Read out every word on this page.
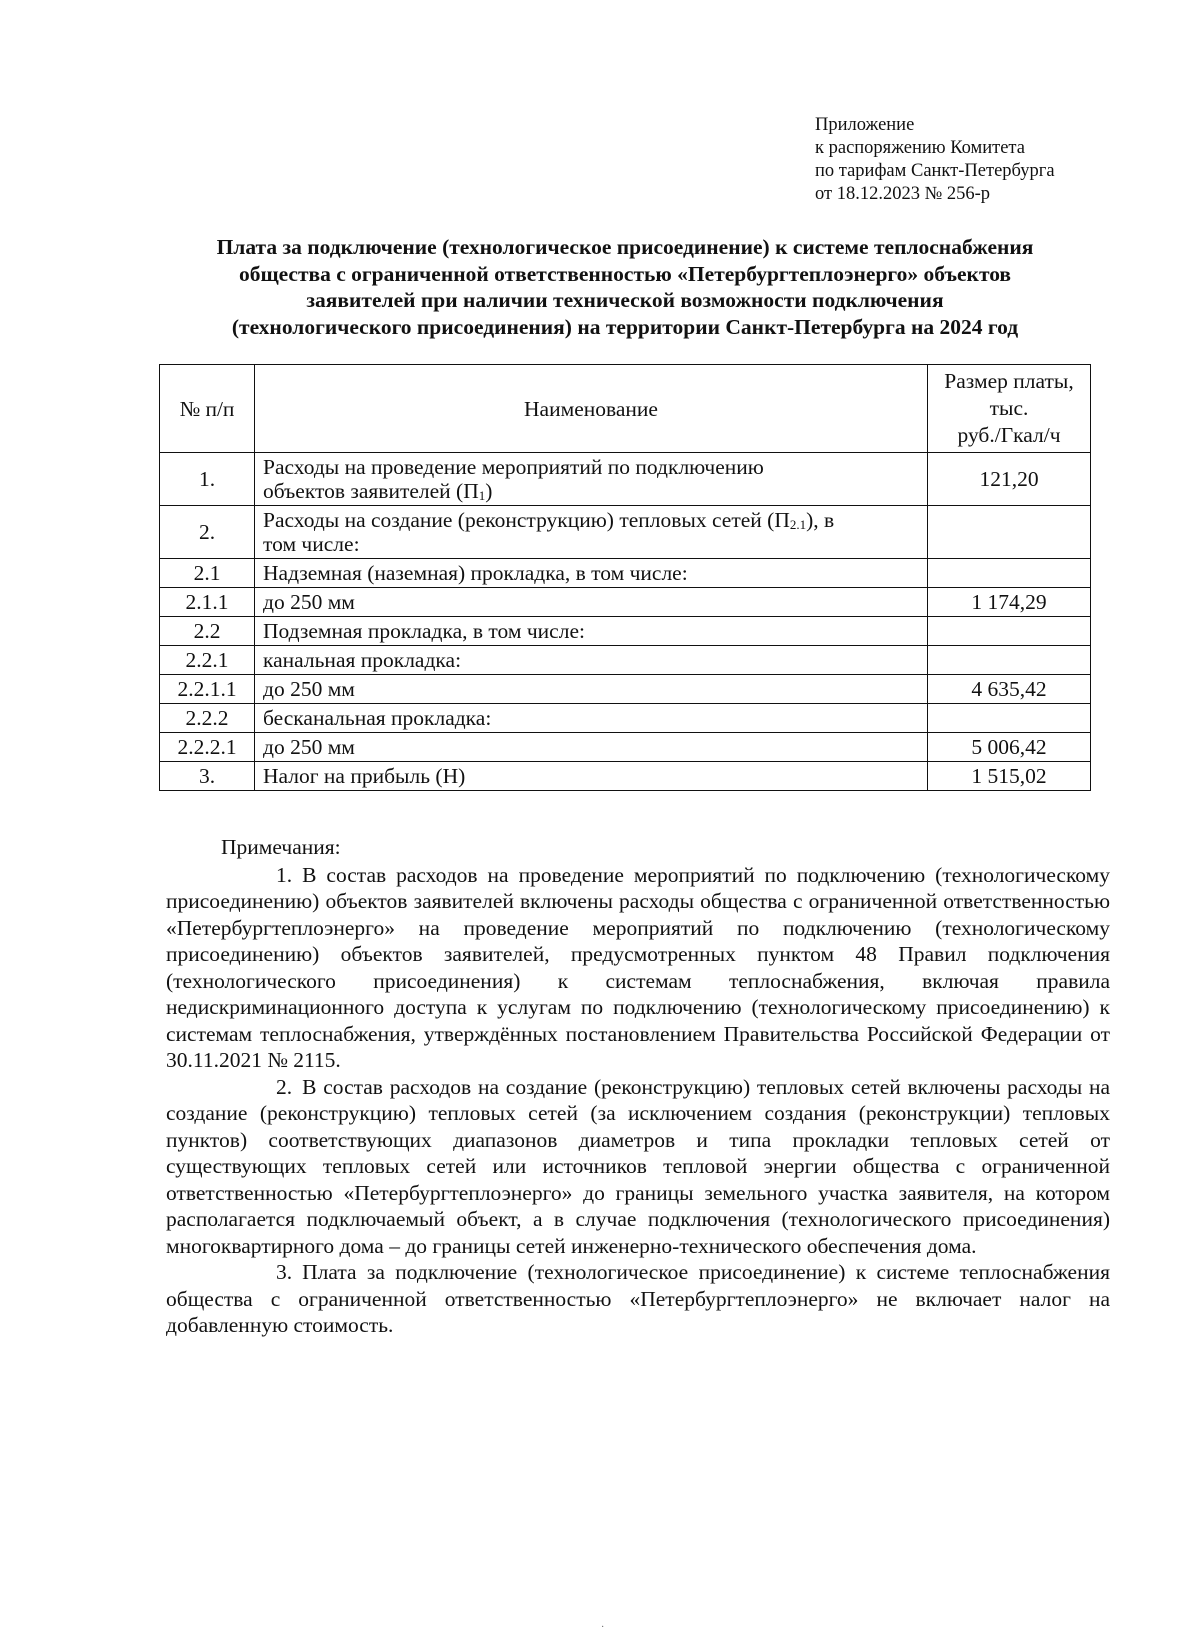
Приложение
к распоряжению Комитета
по тарифам Санкт-Петербурга
от 18.12.2023 № 256-р
Плата за подключение (технологическое присоединение) к системе теплоснабжения
общества с ограниченной ответственностью «Петербургтеплоэнерго» объектов
заявителей при наличии технической возможности подключения
(технологического присоединения) на территории Санкт-Петербурга на 2024 год
№ п/п	Наименование	Размер платы,
тыс.
руб./Гкал/ч

1.	Расходы на проведение мероприятий по подключению
объектов заявителей $(П_1)$	121,20
2.	Расходы на создание (реконструкцию) тепловых сетей $(П_{2.1})$, в
том числе:	

2.1	Надземная (наземная) прокладка, в том числе:	
2.1.1	до 250 мм	1 174,29
2.2	Подземная прокладка, в том числе:	
2.2.1	канальная прокладка:	
2.2.1.1	до 250 мм	4 635,42
2.2.2	бесканальная прокладка:	
2.2.2.1	до 250 мм	5 006,42
3.	Налог на прибыль (Н)	1 515,02
Примечания:

1. В состав расходов на проведение мероприятий по подключению (технологическому присоединению) объектов заявителей включены расходы общества с ограниченной ответственностью «Петербургтеплоэнерго» на проведение мероприятий по подключению (технологическому присоединению) объектов заявителей, предусмотренных пунктом 48 Правил подключения (технологического присоединения) к системам теплоснабжения, включая правила недискриминационного доступа к услугам по подключению (технологическому присоединению) к системам теплоснабжения, утверждённых постановлением Правительства Российской Федерации от 30.11.2021 № 2115.

2. В состав расходов на создание (реконструкцию) тепловых сетей включены расходы на создание (реконструкцию) тепловых сетей (за исключением создания (реконструкции) тепловых пунктов) соответствующих диапазонов диаметров и типа прокладки тепловых сетей от существующих тепловых сетей или источников тепловой энергии общества с ограниченной ответственностью «Петербургтеплоэнерго» до границы земельного участка заявителя, на котором располагается подключаемый объект, а в случае подключения (технологического присоединения) многоквартирного дома – до границы сетей инженерно-технического обеспечения дома.

3. Плата за подключение (технологическое присоединение) к системе теплоснабжения общества с ограниченной ответственностью «Петербургтеплоэнерго» не включает налог на добавленную стоимость.

·
